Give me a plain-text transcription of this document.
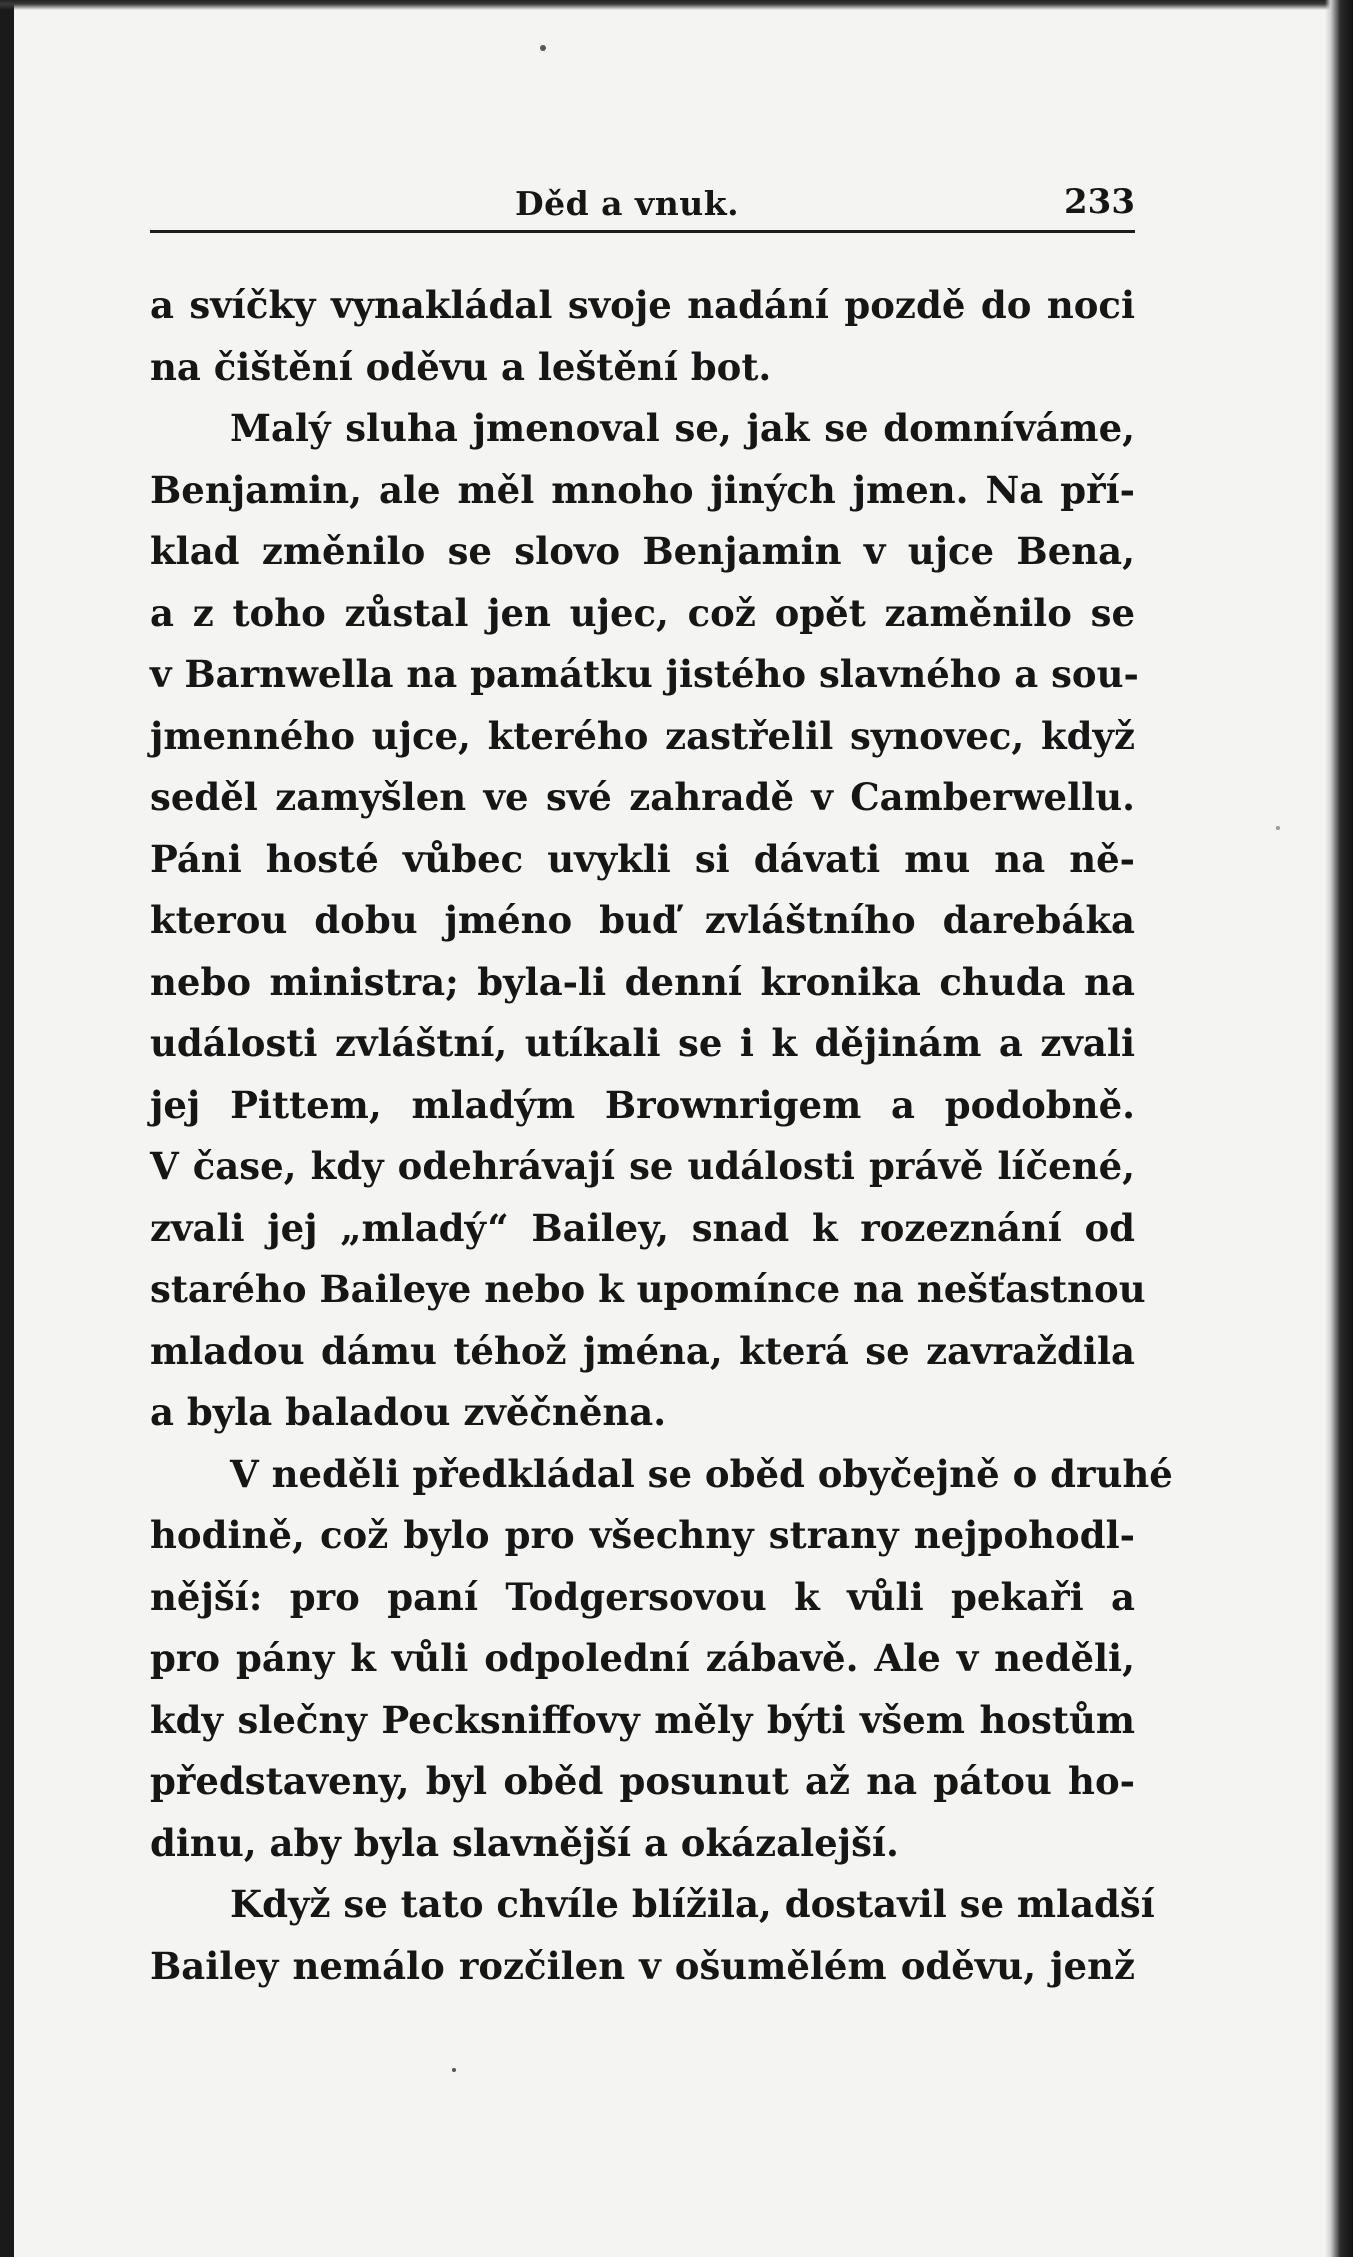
Děd a vnuk.	233
a svíčky vynakládal svoje nadání pozdě do noci
na čištění oděvu a leštění bot.
Malý sluha jmenoval se, jak se domníváme,
Benjamin, ale měl mnoho jiných jmen. Na pří-
klad změnilo se slovo Benjamin v ujce Bena,
a z toho zůstal jen ujec, což opět zaměnilo se
v Barnwella na památku jistého slavného a sou-
jmenného ujce, kterého zastřelil synovec, když
seděl zamyšlen ve své zahradě v Camberwellu.
Páni hosté vůbec uvykli si dávati mu na ně-
kterou dobu jméno buď zvláštního darebáka
nebo ministra; byla-li denní kronika chuda na
události zvláštní, utíkali se i k dějinám a zvali
jej Pittem, mladým Brownrigem a podobně.
V čase, kdy odehrávají se události právě líčené,
zvali jej „mladý“ Bailey, snad k rozeznání od
starého Baileye nebo k upomínce na nešťastnou
mladou dámu téhož jména, která se zavraždila
a byla baladou zvěčněna.
V neděli předkládal se oběd obyčejně o druhé
hodině, což bylo pro všechny strany nejpohodl-
nější: pro paní Todgersovou k vůli pekaři a
pro pány k vůli odpolední zábavě. Ale v neděli,
kdy slečny Pecksniffovy měly býti všem hostům
představeny, byl oběd posunut až na pátou ho-
dinu, aby byla slavnější a okázalejší.
Když se tato chvíle blížila, dostavil se mladší
Bailey nemálo rozčilen v ošumělém oděvu, jenž
